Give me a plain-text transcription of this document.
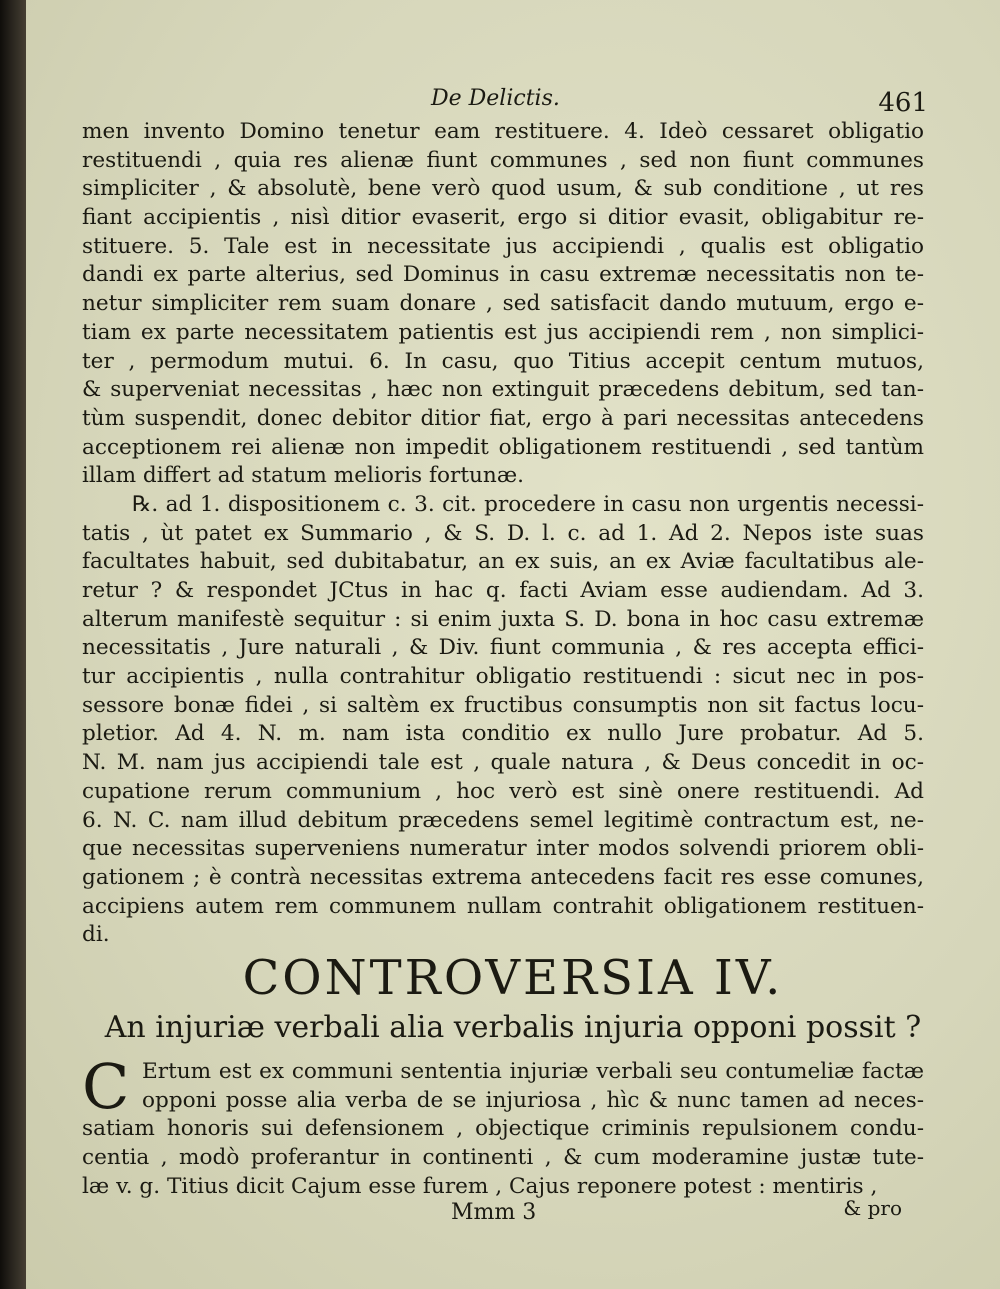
De Delictis.	461
men invento Domino tenetur eam restituere. 4. Ideò cessaret obligatio
restituendi , quia res alienæ fiunt communes , sed non fiunt communes
simpliciter , & absolutè, bene verò quod usum, & sub conditione , ut res
fiant accipientis , nisì ditior evaserit, ergo si ditior evasit, obligabitur re-
stituere. 5. Tale est in necessitate jus accipiendi , qualis est obligatio
dandi ex parte alterius, sed Dominus in casu extremæ necessitatis non te-
netur simpliciter rem suam donare , sed satisfacit dando mutuum, ergo e-
tiam ex parte necessitatem patientis est jus accipiendi rem , non simplici-
ter , permodum mutui. 6. In casu, quo Titius accepit centum mutuos,
& superveniat necessitas , hæc non extinguit præcedens debitum, sed tan-
tùm suspendit, donec debitor ditior fiat, ergo à pari necessitas antecedens
acceptionem rei alienæ non impedit obligationem restituendi , sed tantùm
illam differt ad statum melioris fortunæ.
℞. ad 1. dispositionem c. 3. cit. procedere in casu non urgentis necessi-
tatis , ùt patet ex Summario , & S. D. l. c. ad 1. Ad 2. Nepos iste suas
facultates habuit, sed dubitabatur, an ex suis, an ex Aviæ facultatibus ale-
retur ? & respondet JCtus in hac q. facti Aviam esse audiendam. Ad 3.
alterum manifestè sequitur : si enim juxta S. D. bona in hoc casu extremæ
necessitatis , Jure naturali , & Div. fiunt communia , & res accepta effici-
tur accipientis , nulla contrahitur obligatio restituendi : sicut nec in pos-
sessore bonæ fidei , si saltèm ex fructibus consumptis non sit factus locu-
pletior. Ad 4. N. m. nam ista conditio ex nullo Jure probatur. Ad 5.
N. M. nam jus accipiendi tale est , quale natura , & Deus concedit in oc-
cupatione rerum communium , hoc verò est sinè onere restituendi. Ad
6. N. C. nam illud debitum præcedens semel legitimè contractum est, ne-
que necessitas superveniens numeratur inter modos solvendi priorem obli-
gationem ; è contrà necessitas extrema antecedens facit res esse comunes,
accipiens autem rem communem nullam contrahit obligationem restituen-
di.
CONTROVERSIA IV.
An injuriæ verbali alia verbalis injuria opponi possit ?
C Ertum est ex communi sententia injuriæ verbali seu contumeliæ factæ
opponi posse alia verba de se injuriosa , hìc & nunc tamen ad neces-
satiam honoris sui defensionem , objectique criminis repulsionem condu-
centia , modò proferantur in continenti , & cum moderamine justæ tute-
læ v. g. Titius dicit Cajum esse furem , Cajus reponere potest : mentiris ,
Mmm 3	& pro
